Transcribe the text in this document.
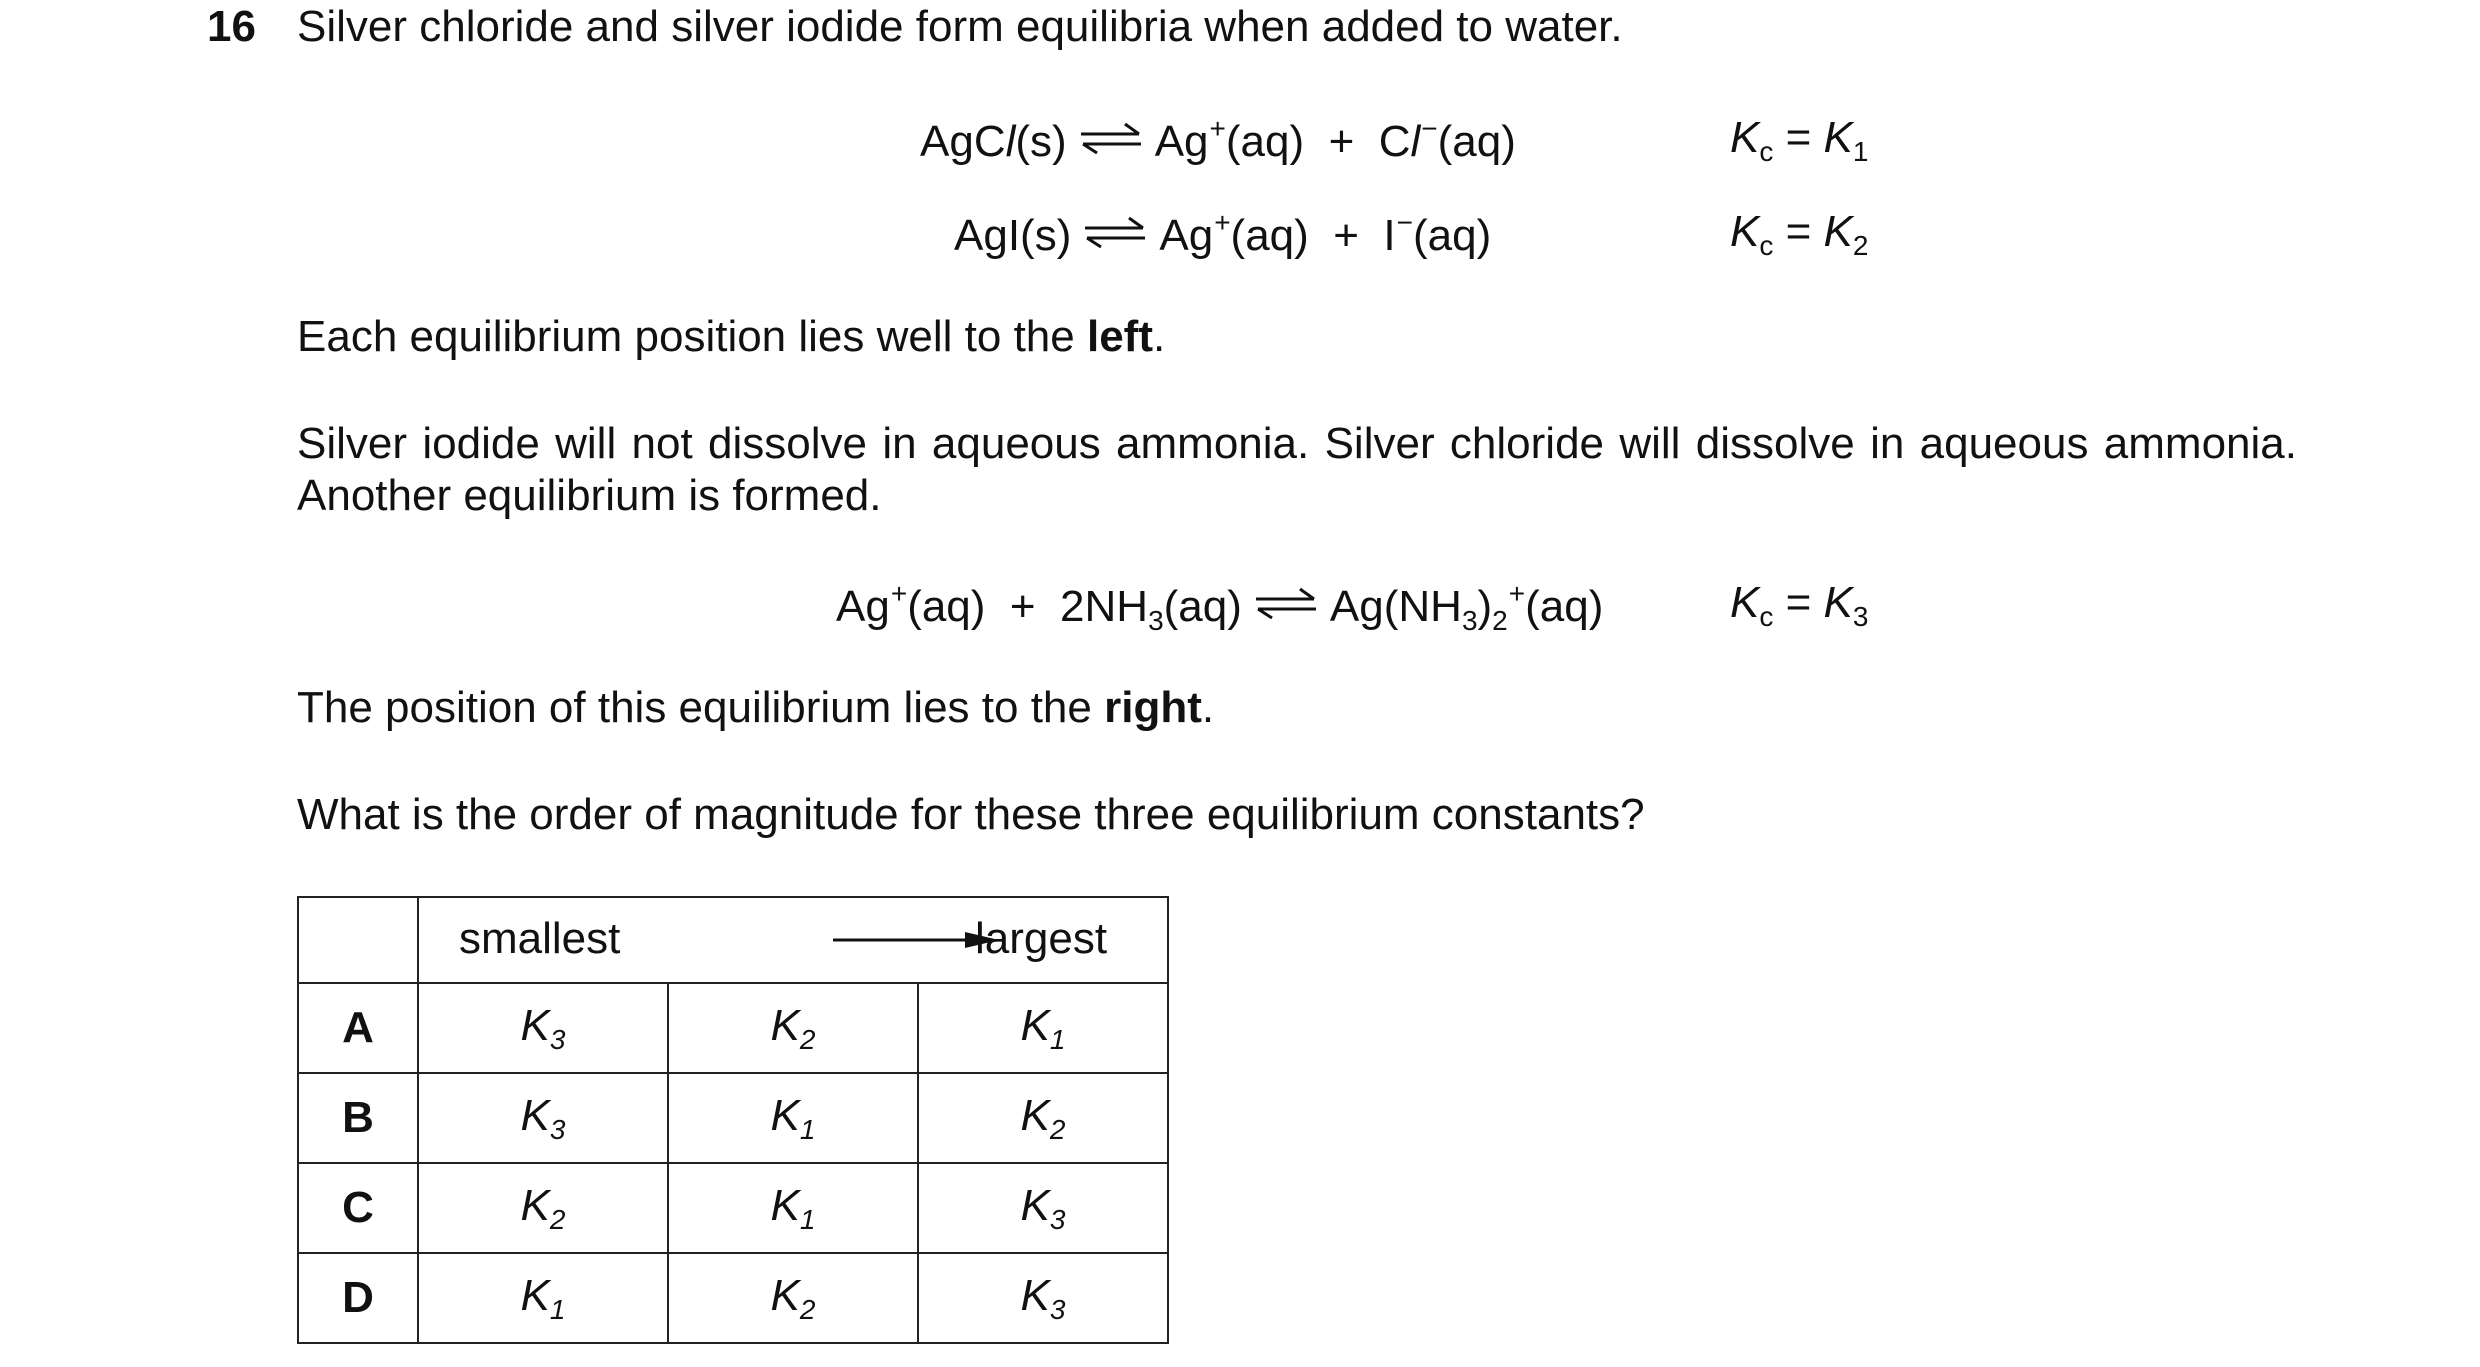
16 Silver chloride and silver iodide form equilibria when added to water.
AgCl(s) ⇌ Ag+(aq) + Cl−(aq)	$K_c = K_1$
AgI(s) ⇌ Ag+(aq) + I−(aq)	$K_c = K_2$
Each equilibrium position lies well to the left.
Silver iodide will not dissolve in aqueous ammonia. Silver chloride will dissolve in aqueous ammonia. Another equilibrium is formed.
$Ag^+(aq) + 2NH_3(aq)$ ⇌ $Ag(NH_3)_2^+(aq)$	$K_c = K_3$
The position of this equilibrium lies to the right.
What is the order of magnitude for these three equilibrium constants?

	smallest largest		

A	$K_3$	$K_2$	$K_1$
B	$K_3$	$K_1$	$K_2$
C	$K_2$	$K_1$	$K_3$
D	$K_1$	$K_2$	$K_3$
